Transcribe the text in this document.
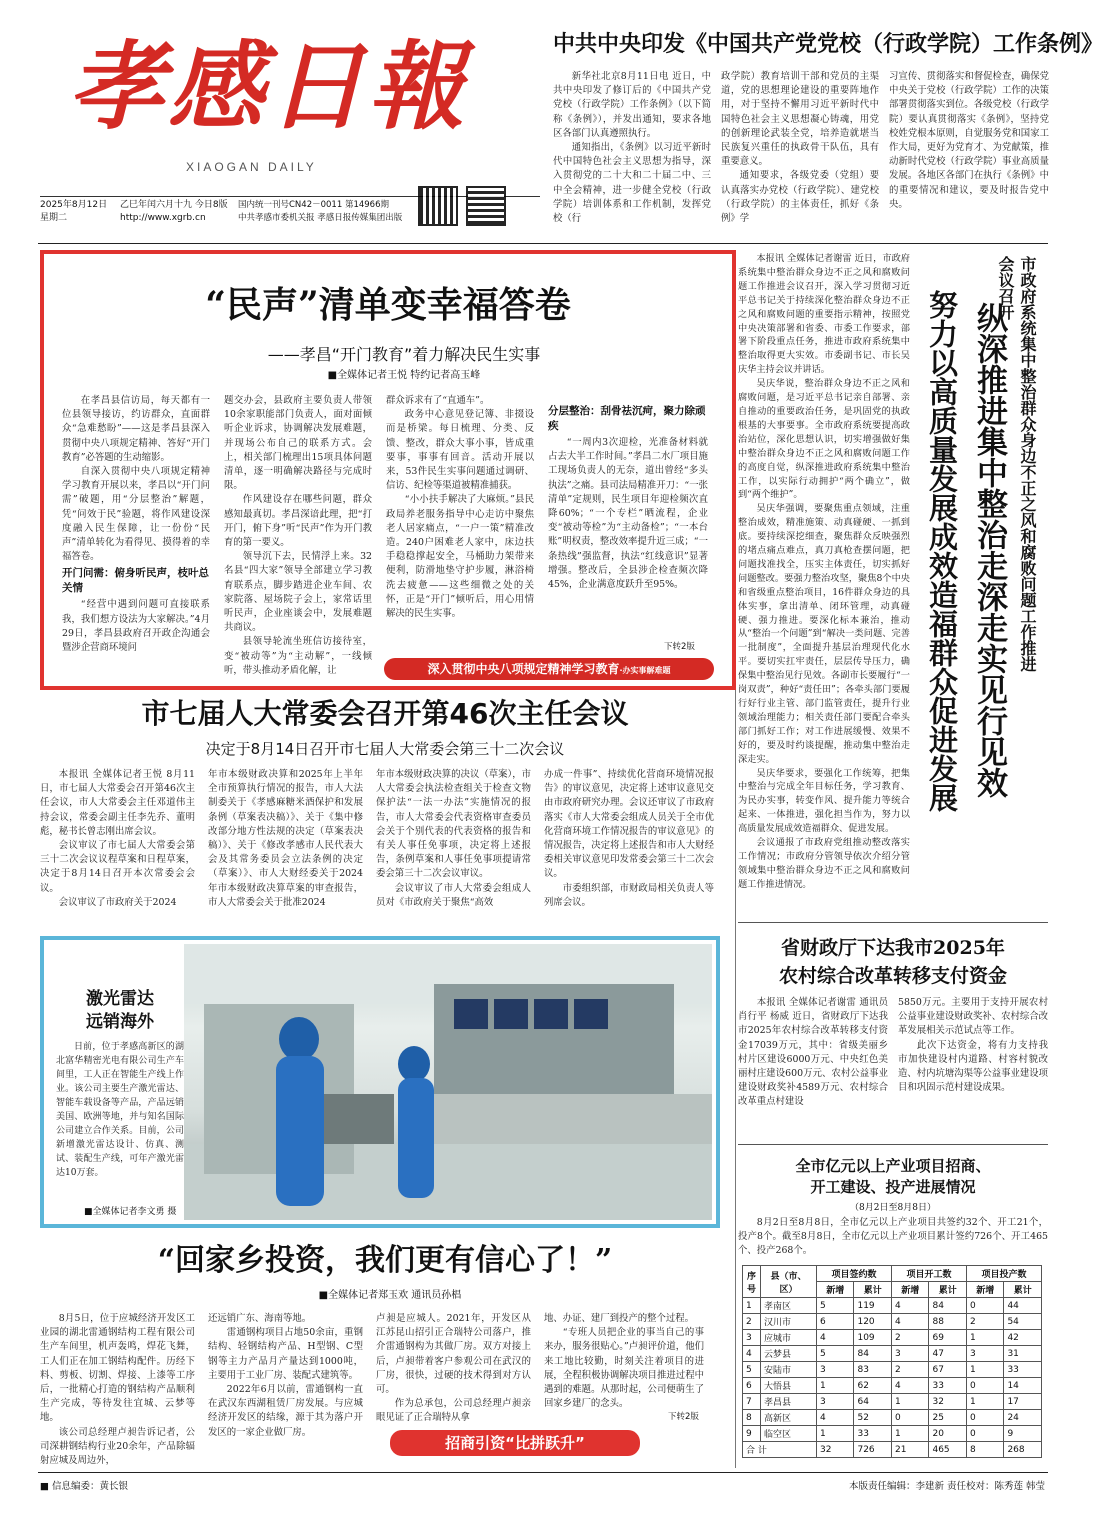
孝感日報
XIAOGAN DAILY
2025年8月12日
星期二
乙巳年闰六月十九 今日8版
http://www.xgrb.cn
国内统一刊号CN42－0011 第14966期
中共孝感市委机关报 孝感日报传媒集团出版
中共中央印发《中国共产党党校（行政学院）工作条例》

新华社北京8月11日电 近日，中共中央印发了修订后的《中国共产党党校（行政学院）工作条例》（以下简称《条例》），并发出通知，要求各地区各部门认真遵照执行。

通知指出，《条例》以习近平新时代中国特色社会主义思想为指导，深入贯彻党的二十大和二十届二中、三中全会精神，进一步健全党校（行政学院）培训体系和工作机制，发挥党校（行

政学院）教育培训干部和党员的主渠道，党的思想理论建设的重要阵地作用，对于坚持不懈用习近平新时代中国特色社会主义思想凝心铸魂，用党的创新理论武装全党，培养造就堪当民族复兴重任的执政骨干队伍，具有重要意义。

通知要求，各级党委（党组）要认真落实办党校（行政学院）、建党校（行政学院）的主体责任，抓好《条例》学

习宣传、贯彻落实和督促检查，确保党中央关于党校（行政学院）工作的决策部署贯彻落实到位。各级党校（行政学院）要认真贯彻落实《条例》，坚持党校姓党根本原则，自觉服务党和国家工作大局，更好为党育才、为党献策，推动新时代党校（行政学院）事业高质量发展。各地区各部门在执行《条例》中的重要情况和建议，要及时报告党中央。

“民声”清单变幸福答卷
——孝昌“开门教育”着力解决民生实事
■全媒体记者王悦 特约记者高玉峰

在孝昌县信访局，每天都有一位县领导接访，约访群众，直面群众“急难愁盼”——这是孝昌县深入贯彻中央八项规定精神、答好“开门教育”必答题的生动缩影。

自深入贯彻中央八项规定精神学习教育开展以来，孝昌以“开门问需”破题，用“分层整治”解题，凭“问效于民”验题，将作风建设深度融入民生保障，让一份份“民声”清单转化为看得见、摸得着的幸福答卷。

开门问需：俯身听民声，枝叶总关情

“经营中遇到问题可直接联系我，我们想方设法为大家解决。”4月29日，孝昌县政府召开政企沟通会暨涉企营商环境问

题交办会，县政府主要负责人带领10余家职能部门负责人，面对面倾听企业诉求，协调解决发展难题，并现场公布自己的联系方式。会上，相关部门梳理出15项具体问题清单，逐一明确解决路径与完成时限。

作风建设存在哪些问题，群众感知最真切。孝昌深谙此理，把“打开门，俯下身”听“民声”作为开门教育的第一要义。

领导沉下去，民情浮上来。32名县“四大家”领导全部建立学习教育联系点，脚步踏进企业车间、农家院落、屋场院子会上，家常话里听民声，企业座谈会中，发展难题共商议。

县领导轮流坐班信访接待室，变“被动等”为“主动解”，一线倾听，带头推动矛盾化解，让

群众诉求有了“直通车”。

政务中心意见登记簿、非掇设而是桥梁。每日梳理、分类、反馈、整改，群众大事小事，皆成重要事，事事有回音。活动开展以来，53件民生实事问题通过调研、信访、纪检等渠道被精准捕获。

“小小扶手解决了大麻烦。”县民政局养老服务指导中心走访中聚焦老人居家痛点，“一户一策”精准改造。240户困难老人家中，床边扶手稳稳撑起安全，马桶助力架带来便利，防滑地垫守护步履，淋浴椅洗去疲惫——这些细微之处的关怀，正是“开门”倾听后，用心用情解决的民生实事。

分层整治：刮骨祛沉疴，聚力除顽疾

“一周内3次迎检，光准备材料就占去大半工作时间。”孝昌二水厂项目施工现场负责人的无奈，道出曾经“多头执法”之痛。县司法局精准开刀：“一张清单”定规则，民生项目年迎检频次直降60%；“一个专栏”晒流程，企业变“被动等检”为“主动备检”；“一本台账”明权责，整改效率提升近三成；“一条热线”强监督，执法“红线意识”显著增强。整改后，全县涉企检查频次降45%，企业满意度跃升至95%。

下转2版
深入贯彻中央八项规定精神学习教育·办实事解难题
市七届人大常委会召开第46次主任会议
决定于8月14日召开市七届人大常委会第三十二次会议

本报讯 全媒体记者王悦 8月11日，市七届人大常委会召开第46次主任会议，市人大常委会主任邓道伟主持会议，常委会副主任李先乔、董明彪，秘书长曾志刚出席会议。

会议审议了市七届人大常委会第三十二次会议议程草案和日程草案，决定于8月14日召开本次常委会会议。

会议审议了市政府关于2024

年市本级财政决算和2025年上半年全市预算执行情况的报告，市人大法制委关于《孝感麻糖米酒保护和发展条例（草案表决稿）》、关于《集中修改部分地方性法规的决定（草案表决稿）》、关于《修改孝感市人民代表大会及其常务委员会立法条例的决定（草案）》、市人大财经委关于2024年市本级财政决算草案的审查报告，市人大常委会关于批准2024

年市本级财政决算的决议（草案），市人大常委会执法检查组关于检查文物保护法“一法一办法”实施情况的报告，市人大常委会代表资格审查委员会关于个别代表的代表资格的报告和有关人事任免事项，决定将上述报告，条例草案和人事任免事项提请常委会第三十二次会议审议。

会议审议了市人大常委会组成人员对《市政府关于聚焦“高效

办成一件事”、持续优化营商环境情况报告》的审议意见，决定将上述审议意见交由市政府研究办理。会议还审议了市政府落实《市人大常委会组成人员关于全市优化营商环境工作情况报告的审议意见》的情况报告，决定将上述报告和市人大财经委相关审议意见印发常委会第三十二次会议。

市委组织部，市财政局相关负责人等列席会议。

激光雷达
远销海外

日前，位于孝感高新区的湖北富华精密光电有限公司生产车间里，工人正在智能生产线上作业。该公司主要生产激光雷达、智能车载设备等产品，产品远销美国、欧洲等地，并与知名国际公司建立合作关系。目前，公司新增激光雷达设计、仿真、测试、装配生产线，可年产激光雷达10万套。

■全媒体记者李文勇 摄
“回家乡投资，我们更有信心了！”
■全媒体记者郑玉欢 通讯员孙椙

8月5日，位于应城经济开发区工业园的湖北雷通钢结构工程有限公司生产车间里，机声轰鸣，焊花飞舞，工人们正在加工钢结构配件。历经下料、剪板、切割、焊接、上漆等工序后，一批精心打造的钢结构产品顺利生产完成，等待发往宜城、云梦等地。

该公司总经理卢昶告诉记者，公司深耕钢结构行业20余年，产品除辐射应城及周边外，

还远销广东、海南等地。

雷通钢构项目占地50余亩，重钢结构、轻钢结构产品、H型钢、C型钢等主力产品月产量达到1000吨，主要用于工业厂房、装配式建筑等。

2022年6月以前，雷通钢构一直在武汉东西湖租赁厂房发展。与应城经济开发区的结缘，源于其为落户开发区的一家企业做厂房。

卢昶是应城人。2021年，开发区从江苏昆山招引正合瑞特公司落户，推介雷通钢构为其做厂房。双方对接上后，卢昶带着客户参观公司在武汉的厂房，很快，过硬的技术得到对方认可。

作为总承包，公司总经理卢昶亲眼见证了正合瑞特从拿

地、办证、建厂到投产的整个过程。

“专班人员把企业的事当自己的事来办，服务很贴心。”卢昶评价道，他们来工地比较勤，时刻关注着项目的进展，全程积极协调解决项目推进过程中遇到的难题。从那时起，公司便萌生了回家乡建厂的念头。

下转2版
招商引资“比拼跃升”

本报讯 全媒体记者谢雷 近日，市政府系统集中整治群众身边不正之风和腐败问题工作推进会议召开，深入学习贯彻习近平总书记关于持续深化整治群众身边不正之风和腐败问题的重要指示精神，按照党中央决策部署和省委、市委工作要求，部署下阶段重点任务，推进市政府系统集中整治取得更大实效。市委副书记、市长吴庆华主持会议并讲话。

吴庆华说，整治群众身边不正之风和腐败问题，是习近平总书记亲自部署、亲自推动的重要政治任务，是巩固党的执政根基的大事要事。全市政府系统要提高政治站位，深化思想认识，切实增强做好集中整治群众身边不正之风和腐败问题工作的高度自觉，纵深推进政府系统集中整治工作，以实际行动拥护“两个确立”，做到“两个维护”。

吴庆华强调，要聚焦重点领域，注重整治成效，精准施策、动真碰硬、一抓到底。要持续深挖细查，聚焦群众反映强烈的堵点痛点难点，真刀真枪查摆问题，把问题找准找全，压实主体责任，切实抓好问题整改。要强力整治攻坚，聚焦8个中央和省级重点整治项目，16件群众身边的具体实事，拿出清单、闭环管理，动真碰硬、强力推进。要深化标本兼治，推动从“整治一个问题”到“解决一类问题、完善一批制度”，全面提升基层治理现代化水平。要切实扛牢责任，层层传导压力，确保集中整治见行见效。各副市长要履行“一岗双责”，种好“责任田”；各牵头部门要履行好行业主管、部门监管责任，提升行业领域治理能力；相关责任部门要配合牵头部门抓好工作；对工作进展缓慢、效果不好的，要及时约谈提醒，推动集中整治走深走实。

吴庆华要求，要强化工作统筹，把集中整治与完成全年目标任务，学习教育、为民办实事，转变作风、提升能力等统合起来、一体推进，强化担当作为，努力以高质量发展成效造福群众、促进发展。

会议通报了市政府党组推动整改落实工作情况；市政府分管领导依次介绍分管领域集中整治群众身边不正之风和腐败问题工作推进情况。

市政府系统集中整治群众身边不正之风和腐败问题工作推进会议召开
纵深推进集中整治走深走实见行见效
努力以高质量发展成效造福群众促进发展
省财政厅下达我市2025年
农村综合改革转移支付资金

本报讯 全媒体记者谢雷 通讯员肖行平 杨威 近日，省财政厅下达我市2025年农村综合改革转移支付资金17039万元，其中：省级美丽乡村片区建设6000万元、中央红色美丽村庄建设600万元、农村公益事业建设财政奖补4589万元、农村综合改革重点村建设

5850万元。主要用于支持开展农村公益事业建设财政奖补、农村综合改革发展相关示范试点等工作。

此次下达资金，将有力支持我市加快建设村内道路、村容村貌改造、村内坑塘沟渠等公益事业建设项目和巩固示范村建设成果。

全市亿元以上产业项目招商、
开工建设、投产进展情况
（8月2日至8月8日）

8月2日至8月8日，全市亿元以上产业项目共签约32个、开工21个，投产8个。截至8月8日，全市亿元以上产业项目累计签约726个、开工465个、投产268个。

序号	县（市、区）	项目签约数		项目开工数		项目投产数	
		新增	累计	新增	累计	新增	累计
1	孝南区	5	119	4	84	0	44
2	汉川市	6	120	4	88	2	54
3	应城市	4	109	2	69	1	42
4	云梦县	5	84	3	47	3	31
5	安陆市	3	83	2	67	1	33
6	大悟县	1	62	4	33	0	14
7	孝昌县	3	64	1	32	1	17
8	高新区	4	52	0	25	0	24
9	临空区	1	33	1	20	0	9
合 计		32	726	21	465	8	268
■ 信息编委：黄长银	本版责任编辑：李建新 责任校对：陈秀莲 韩莹
